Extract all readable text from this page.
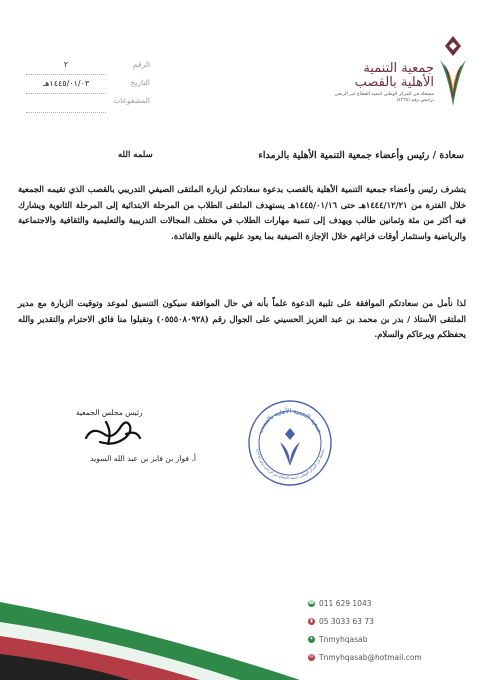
جمعية التنمية
الأهلية بالقصب
مسجلة في المركز الوطني لتنمية القطاع غير الربحي
ترخيص رقم (٤٢٢٨)
الرقم
التاريخ
المشفوعات
٢
١٤٤٥/٠١/٠٣هـ
سعادة / رئيس وأعضاء جمعية التنمية الأهلية بالرمداء
سلمه الله
يتشرف رئيس وأعضاء جمعية التنمية الأهلية بالقصب بدعوة سعادتكم لزيارة الملتقى الصيفي التدريبي بالقصب الذي تقيمه الجمعية خلال الفترة من ١٤٤٤/١٢/٢١هـ حتى ١٤٤٥/٠١/١٦هـ يستهدف الملتقى الطلاب من المرحلة الابتدائية إلى المرحلة الثانوية ويشارك فيه أكثر من مئة وثمانين طالب ويهدف إلى تنمية مهارات الطلاب في مختلف المجالات التدريبية والتعليمية والثقافية والاجتماعية والرياضية واستثمار أوقات فراغهم خلال الإجازة الصيفية بما يعود عليهم بالنفع والفائدة.
لذا نأمل من سعادتكم الموافقة على تلبية الدعوة علماً بأنه في حال الموافقة سيكون التنسيق لموعد وتوقيت الزيارة مع مدير الملتقى الأستاذ / بدر بن محمد بن عبد العزيز الحسيني على الجوال رقم (٠٥٥٥٠٨٠٩٢٨) وتقبلوا منا فائق الاحترام والتقدير والله يحفظكم ويرعاكم والسلام.
رئيس مجلس الجمعية
أ. فواز بن فايز بن عبد الله السويد
جمعية التنمية الأهلية بالقصب
مسجلة في المركز الوطني لتنمية القطاع غير الربحي برقم (٤٢٢٨)
☎ 011 629 1043
▮ 05 3033 63 73
✦ Tnmyhqasab
✉ Tnmyhqasab@hotmail.com
